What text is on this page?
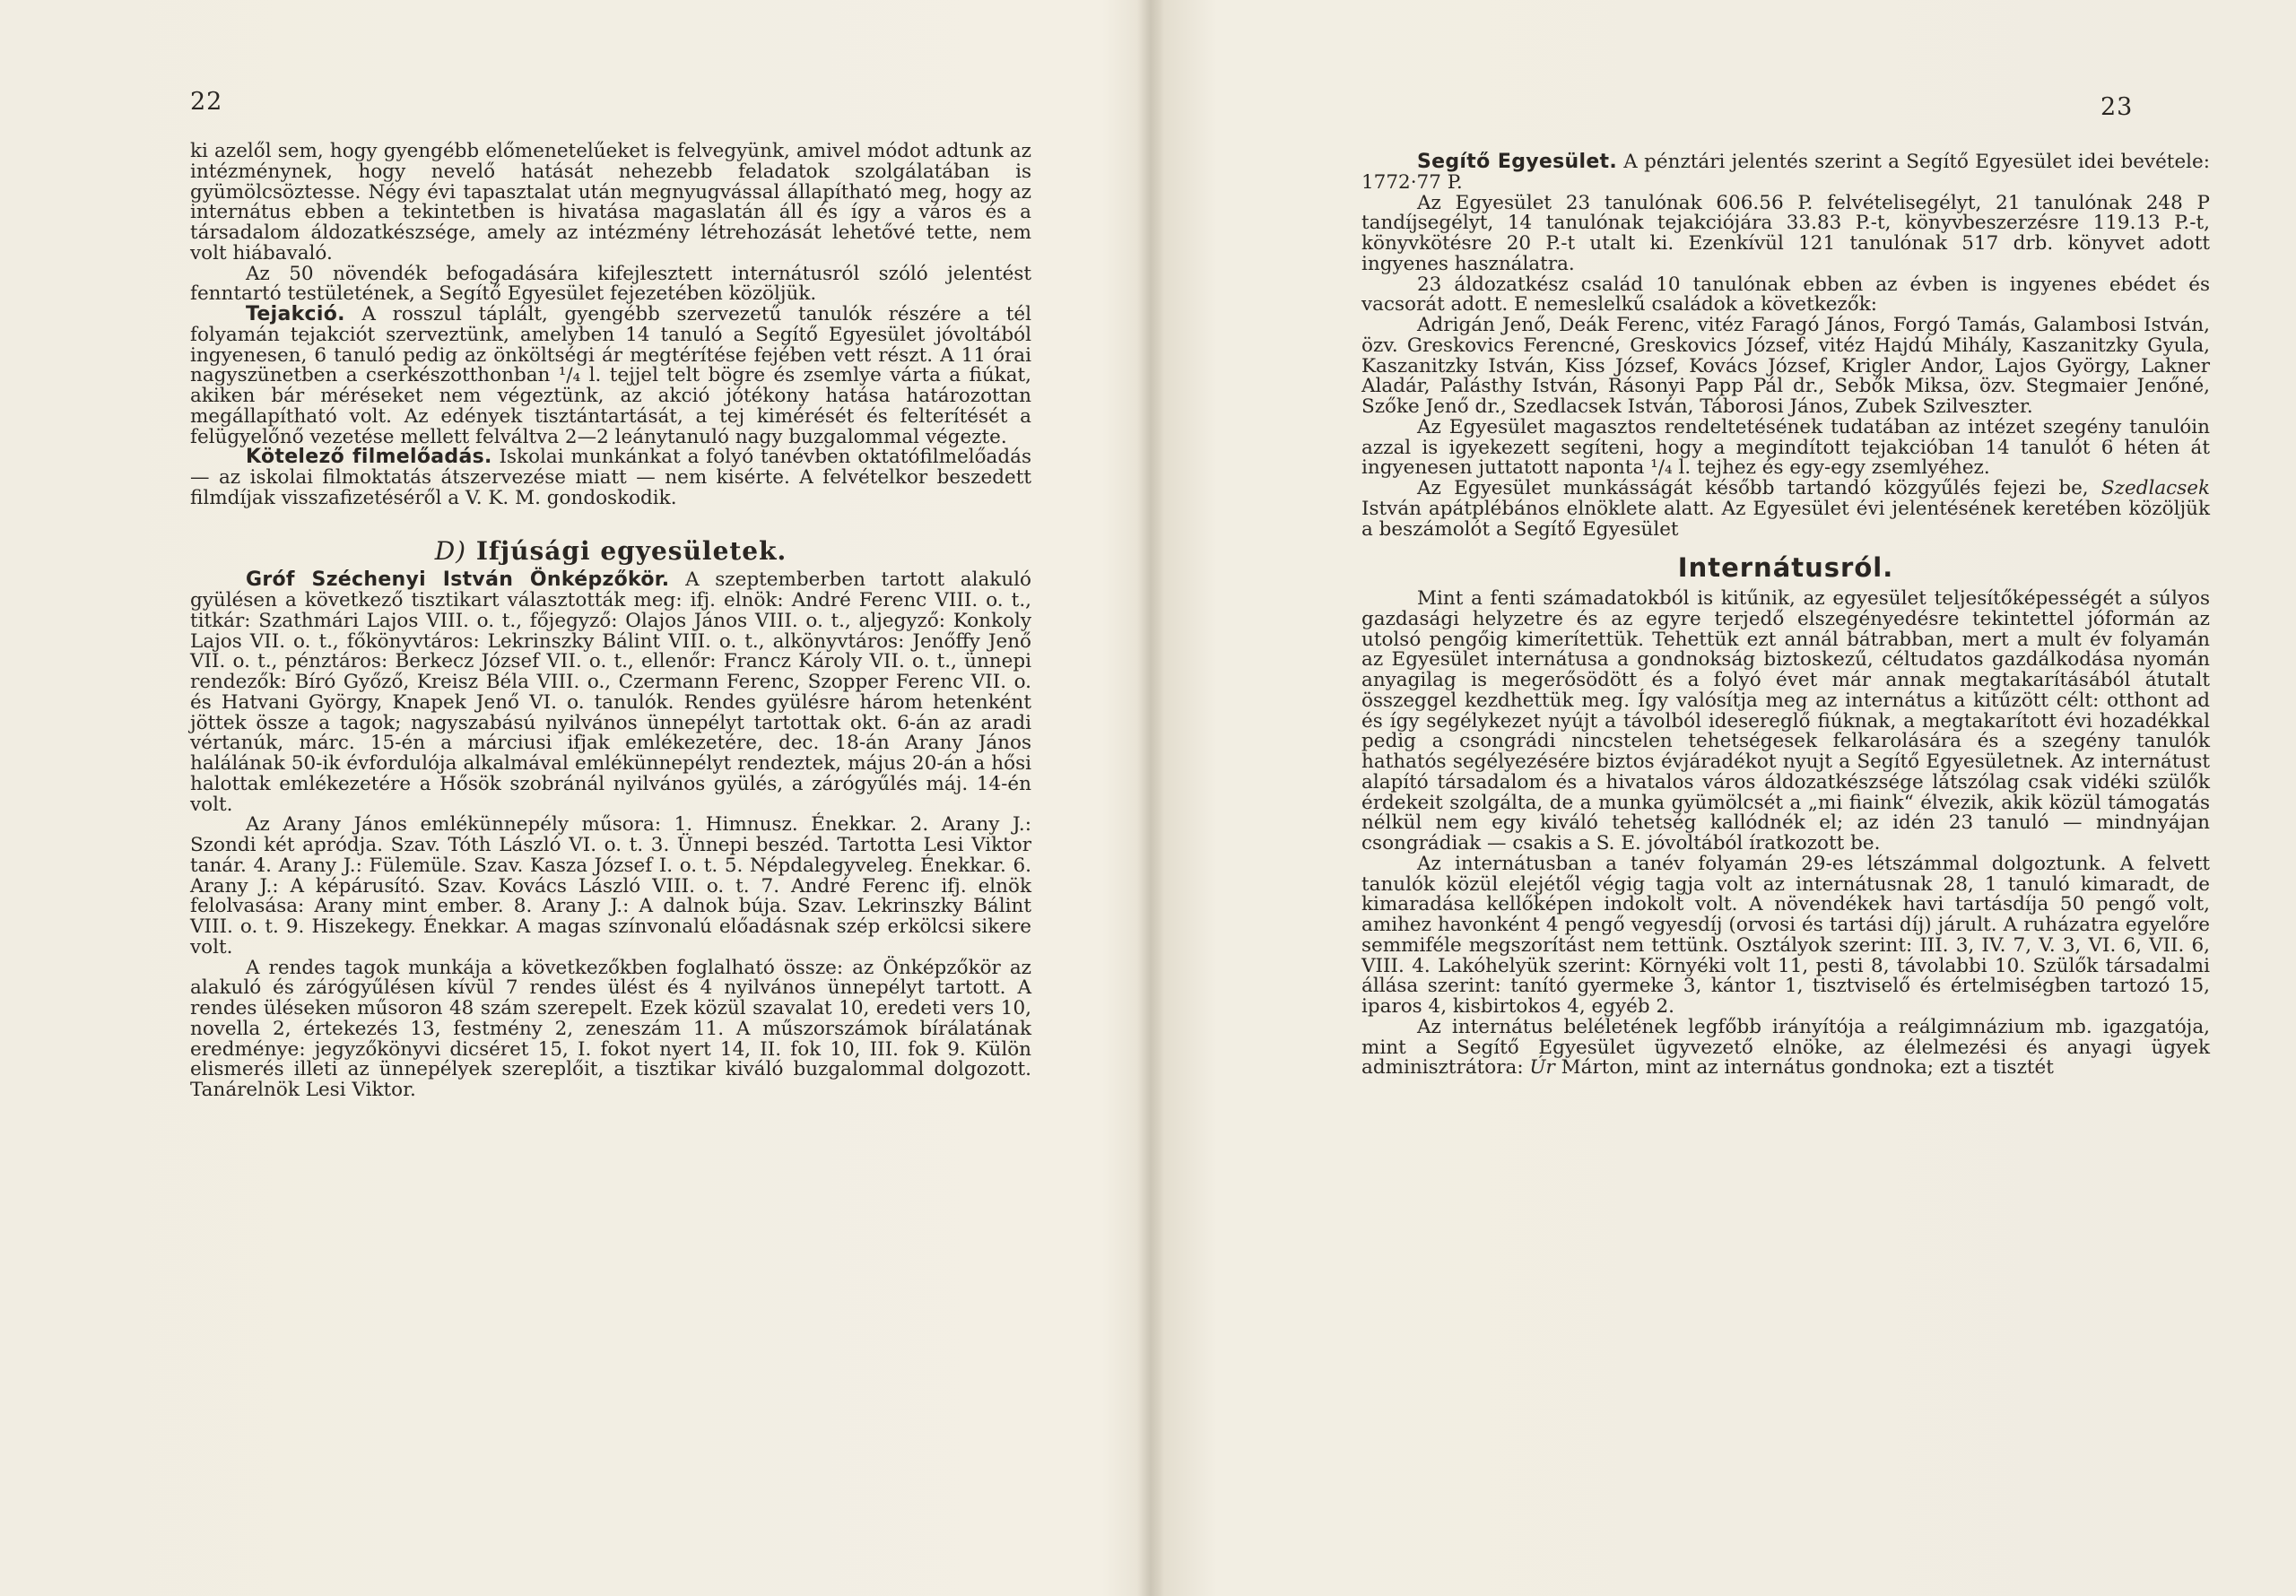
22

ki azelől sem, hogy gyengébb előmenetelűeket is felvegyünk, amivel módot adtunk az intézménynek, hogy nevelő hatását nehezebb feladatok szolgálatában is gyümölcsöztesse. Négy évi tapasztalat után megnyugvással állapítható meg, hogy az internátus ebben a tekintetben is hivatása magaslatán áll és így a város és a társadalom áldozatkészsége, amely az intézmény létrehozását lehetővé tette, nem volt hiábavaló.

Az 50 növendék befogadására kifejlesztett internátusról szóló jelentést fenntartó testületének, a Segítő Egyesület fejezetében közöljük.

Tejakció. A rosszul táplált, gyengébb szervezetű tanulók részére a tél folyamán tejakciót szerveztünk, amelyben 14 tanuló a Segítő Egyesület jóvoltából ingyenesen, 6 tanuló pedig az önköltségi ár megtérítése fejében vett részt. A 11 órai nagyszünetben a cserkészotthonban ¹/₄ l. tejjel telt bögre és zsemlye várta a fiúkat, akiken bár méréseket nem végeztünk, az akció jótékony hatása határozottan megállapítható volt. Az edények tisztántartását, a tej kimérését és felterítését a felügyelőnő vezetése mellett felváltva 2—2 leánytanuló nagy buzgalommal végezte.

Kötelező filmelőadás. Iskolai munkánkat a folyó tanévben oktatófilmelőadás — az iskolai filmoktatás átszervezése miatt — nem kisérte. A felvételkor beszedett filmdíjak visszafizetéséről a V. K. M. gondoskodik.

D) Ifjúsági egyesületek.

Gróf Széchenyi István Önképzőkör. A szeptemberben tartott alakuló gyülésen a következő tisztikart választották meg: ifj. elnök: André Ferenc VIII. o. t., titkár: Szathmári Lajos VIII. o. t., főjegyző: Olajos János VIII. o. t., aljegyző: Konkoly Lajos VII. o. t., főkönyvtáros: Lekrinszky Bálint VIII. o. t., alkönyvtáros: Jenőffy Jenő VII. o. t., pénztáros: Berkecz József VII. o. t., ellenőr: Francz Károly VII. o. t., ünnepi rendezők: Bíró Győző, Kreisz Béla VIII. o., Czermann Ferenc, Szopper Ferenc VII. o. és Hatvani György, Knapek Jenő VI. o. tanulók. Rendes gyülésre három hetenként jöttek össze a tagok; nagyszabású nyilvános ünnepélyt tartottak okt. 6-án az aradi vértanúk, márc. 15-én a márciusi ifjak emlékezetére, dec. 18-án Arany János halálának 50-ik évfordulója alkalmával emlékünnepélyt rendeztek, május 20-án a hősi halottak emlékezetére a Hősök szobránál nyilvános gyülés, a zárógyűlés máj. 14-én volt.

Az Arany János emlékünnepély műsora: 1. Himnusz. Énekkar. 2. Arany J.: Szondi két apródja. Szav. Tóth László VI. o. t. 3. Ünnepi beszéd. Tartotta Lesi Viktor tanár. 4. Arany J.: Fülemüle. Szav. Kasza József I. o. t. 5. Népdalegyveleg. Énekkar. 6. Arany J.: A képárusító. Szav. Kovács László VIII. o. t. 7. André Ferenc ifj. elnök felolvasása: Arany mint ember. 8. Arany J.: A dalnok búja. Szav. Lekrinszky Bálint VIII. o. t. 9. Hiszekegy. Énekkar. A magas színvonalú előadásnak szép erkölcsi sikere volt.

A rendes tagok munkája a következőkben foglalható össze: az Önképzőkör az alakuló és zárógyűlésen kívül 7 rendes ülést és 4 nyilvános ünnepélyt tartott. A rendes üléseken műsoron 48 szám szerepelt. Ezek közül szavalat 10, eredeti vers 10, novella 2, értekezés 13, festmény 2, zeneszám 11. A műszorszámok bírálatának eredménye: jegyzőkönyvi dicséret 15, I. fokot nyert 14, II. fok 10, III. fok 9. Külön elismerés illeti az ünnepélyek szereplőit, a tisztikar kiváló buzgalommal dolgozott. Tanárelnök Lesi Viktor.

23

Segítő Egyesület. A pénztári jelentés szerint a Segítő Egyesület idei bevétele: 1772·77 P.

Az Egyesület 23 tanulónak 606.56 P. felvételisegélyt, 21 tanulónak 248 P tandíjsegélyt, 14 tanulónak tejakciójára 33.83 P.-t, könyvbeszerzésre 119.13 P.-t, könyvkötésre 20 P.-t utalt ki. Ezenkívül 121 tanulónak 517 drb. könyvet adott ingyenes használatra.

23 áldozatkész család 10 tanulónak ebben az évben is ingyenes ebédet és vacsorát adott. E nemeslelkű családok a következők:

Adrigán Jenő, Deák Ferenc, vitéz Faragó János, Forgó Tamás, Galambosi István, özv. Greskovics Ferencné, Greskovics József, vitéz Hajdú Mihály, Kaszanitzky Gyula, Kaszanitzky István, Kiss József, Kovács József, Krigler Andor, Lajos György, Lakner Aladár, Palásthy István, Rásonyi Papp Pál dr., Sebők Miksa, özv. Stegmaier Jenőné, Szőke Jenő dr., Szedlacsek István, Táborosi János, Zubek Szilveszter.

Az Egyesület magasztos rendeltetésének tudatában az intézet szegény tanulóin azzal is igyekezett segíteni, hogy a megindított tejakcióban 14 tanulót 6 héten át ingyenesen juttatott naponta ¹/₄ l. tejhez és egy-egy zsemlyéhez.

Az Egyesület munkásságát később tartandó közgyűlés fejezi be, Szedlacsek István apátplébános elnöklete alatt. Az Egyesület évi jelentésének keretében közöljük a beszámolót a Segítő Egyesület

Internátusról.

Mint a fenti számadatokból is kitűnik, az egyesület teljesítőképességét a súlyos gazdasági helyzetre és az egyre terjedő elszegényedésre tekintettel jóformán az utolsó pengőig kimerítettük. Tehettük ezt annál bátrabban, mert a mult év folyamán az Egyesület internátusa a gondnokság biztoskezű, céltudatos gazdálkodása nyomán anyagilag is megerősödött és a folyó évet már annak megtakarításából átutalt összeggel kezdhettük meg. Így valósítja meg az internátus a kitűzött célt: otthont ad és így segélykezet nyújt a távolból idesereglő fiúknak, a megtakarított évi hozadékkal pedig a csongrádi nincstelen tehetségesek felkarolására és a szegény tanulók hathatós segélyezésére biztos évjáradékot nyujt a Segítő Egyesületnek. Az internátust alapító társadalom és a hivatalos város áldozatkészsége látszólag csak vidéki szülők érdekeit szolgálta, de a munka gyümölcsét a „mi fiaink“ élvezik, akik közül támogatás nélkül nem egy kiváló tehetség kallódnék el; az idén 23 tanuló — mindnyájan csongrádiak — csakis a S. E. jóvoltából íratkozott be.

Az internátusban a tanév folyamán 29-es létszámmal dolgoztunk. A felvett tanulók közül elejétől végig tagja volt az internátusnak 28, 1 tanuló kimaradt, de kimaradása kellőképen indokolt volt. A növendékek havi tartásdíja 50 pengő volt, amihez havonként 4 pengő vegyesdíj (orvosi és tartási díj) járult. A ruházatra egyelőre semmiféle megszorítást nem tettünk. Osztályok szerint: III. 3, IV. 7, V. 3, VI. 6, VII. 6, VIII. 4. Lakóhelyük szerint: Környéki volt 11, pesti 8, távolabbi 10. Szülők társadalmi állása szerint: tanító gyermeke 3, kántor 1, tisztviselő és értelmiségben tartozó 15, iparos 4, kisbirtokos 4, egyéb 2.

Az internátus beléletének legfőbb irányítója a reálgimnázium mb. igazgatója, mint a Segítő Egyesület ügyvezető elnöke, az élelmezési és anyagi ügyek adminisztrátora: Úr Márton, mint az internátus gondnoka; ezt a tisztét
